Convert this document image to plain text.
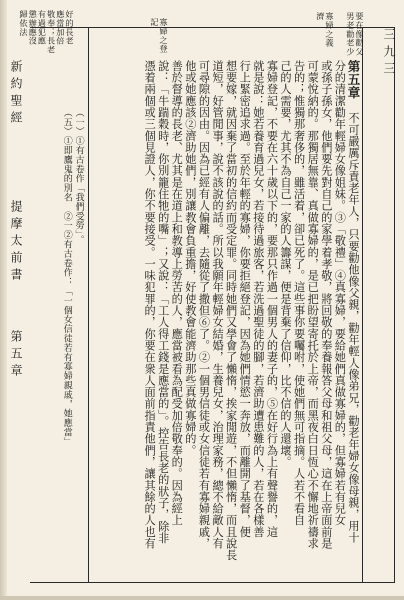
三九三
第五章 不可嚴厲斥責老年人，只要勸他像父親，勸年輕人像弟兄，勸老年婦女像母親，用十
分的清潔勸年輕婦女像姐妹。③「敬禮」④真寡婦，要給她們真做寡婦的，但寡婦若有兒女
或孫子孫女，他們要先對自己的家學着孝敬，將回敬的奉養報答父母和祖父母，這在上帝面前是
可蒙悅納的。那獨居無靠、真做寡婦的，是已把盼望寄托於上帝，而黑夜白日恆心不懈地祈禱求
告的；惟獨那奢侈的，雖活着，卻已死了。這些事你要囑咐，使她們無可指摘。人若不看自
己的人需要，尤其不為自己一家的人籌謀，便是背棄了信仰，比不信的人還壞。
寡婦登記，不要在六十歲以下的，要那只作過一個男人的妻子的，⑤在好行為上有聲譽的，這
就是說：她若養育過兒女，若接待過旅客，若洗過聖徒的腳，若濟助遭患難的人，若在各樣善
行上緊密追求過。至於年輕的寡婦，你要拒絕登記，因為她們情慾一奔放，而離開了基督，便
想要嫁，就因棄了當初的信約而受定罪。同時她們又學會了懶惰，挨家閒遊，不但懶惰，而且說長
道短，好管閒事，說不該說的話。所以我願年輕婦女結婚，生養兒女，治理家務，總不給敵人有
可尋隙的因由。因為已經有人偏離，去隨從了撒但⑥了。②一個男信徒或女信徒若有寡婦親戚，
他或她應該②濟助她們，別讓教會負重擔，好使教會能濟助那些真做寡婦的。
善於督導的長老、尤其是在道上和教導上勞苦的人，應當被看為配受加倍敬奉的。因為經上
說：「牛踹穀時，你別籠住牠的嘴」；又說：「工人得工錢是應當的」。控告長老的狀子，除非
憑着兩個或三個見證人，你不要接受。一味犯罪的，你要在衆人面前指責他們，讓其餘的人也有
要在像勸父
男老勸老少
寡婦之義
濟
寡婦之登
記
好的長老
應當加倍
敬奉；長老
有過犯應
懲辦應沒
歸依法
（一）①有古卷作「我們受勞」。
（五）①即鷹鬼的別名　②一②有古卷作：「一個女信徒若有寡婦親戚，她應當」
新約聖經
提摩太前書
第五章
